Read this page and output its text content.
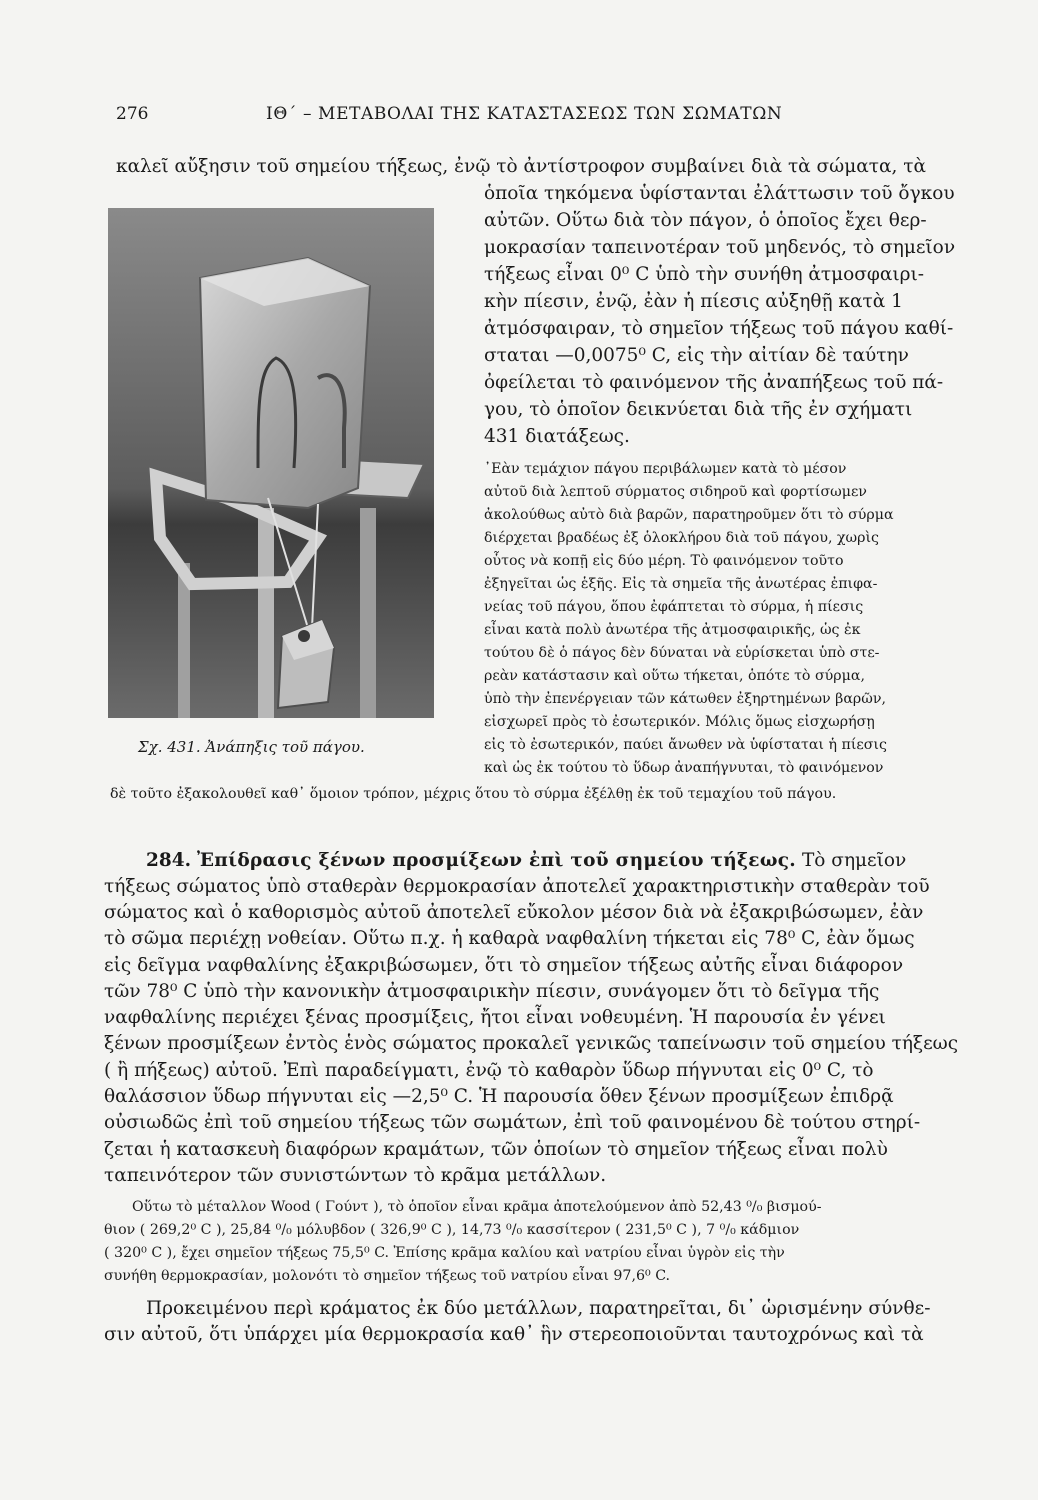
276	ΙΘ΄ – ΜΕΤΑΒΟΛΑΙ ΤΗΣ ΚΑΤΑΣΤΑΣΕΩΣ ΤΩΝ ΣΩΜΑΤΩΝ
καλεῖ αὔξησιν τοῦ σημείου τήξεως, ἐνῷ τὸ ἀντίστροφον συμβαίνει διὰ τὰ σώματα, τὰ
ὁποῖα τηκόμενα ὑφίστανται ἐλάττωσιν τοῦ ὄγκου
αὐτῶν. Οὕτω διὰ τὸν πάγον, ὁ ὁποῖος ἔχει θερ-
μοκρασίαν ταπεινοτέραν τοῦ μηδενός, τὸ σημεῖον
τήξεως εἶναι 0⁰ C ὑπὸ τὴν συνήθη ἀτμοσφαιρι-
κὴν πίεσιν, ἐνῷ, ἐὰν ἡ πίεσις αὐξηθῇ κατὰ 1
ἀτμόσφαιραν, τὸ σημεῖον τήξεως τοῦ πάγου καθί-
σταται —0,0075⁰ C, εἰς τὴν αἰτίαν δὲ ταύτην
ὀφείλεται τὸ φαινόμενον τῆς ἀναπήξεως τοῦ πά-
γου, τὸ ὁποῖον δεικνύεται διὰ τῆς ἐν σχήματι
431 διατάξεως.
Σχ. 431. Ἀνάπηξις τοῦ πάγου.
᾿Εὰν τεμάχιον πάγου περιβάλωμεν κατὰ τὸ μέσον
αὐτοῦ διὰ λεπτοῦ σύρματος σιδηροῦ καὶ φορτίσωμεν
ἀκολούθως αὐτὸ διὰ βαρῶν, παρατηροῦμεν ὅτι τὸ σύρμα
διέρχεται βραδέως ἐξ ὁλοκλήρου διὰ τοῦ πάγου, χωρὶς
οὗτος νὰ κοπῇ εἰς δύο μέρη. Τὸ φαινόμενον τοῦτο
ἐξηγεῖται ὡς ἑξῆς. Εἰς τὰ σημεῖα τῆς ἀνωτέρας ἐπιφα-
νείας τοῦ πάγου, ὅπου ἐφάπτεται τὸ σύρμα, ἡ πίεσις
εἶναι κατὰ πολὺ ἀνωτέρα τῆς ἀτμοσφαιρικῆς, ὡς ἐκ
τούτου δὲ ὁ πάγος δὲν δύναται νὰ εὑρίσκεται ὑπὸ στε-
ρεὰν κατάστασιν καὶ οὕτω τήκεται, ὁπότε τὸ σύρμα,
ὑπὸ τὴν ἐπενέργειαν τῶν κάτωθεν ἐξηρτημένων βαρῶν,
εἰσχωρεῖ πρὸς τὸ ἐσωτερικόν. Μόλις ὅμως εἰσχωρήσῃ
εἰς τὸ ἐσωτερικόν, παύει ἄνωθεν νὰ ὑφίσταται ἡ πίεσις
καὶ ὡς ἐκ τούτου τὸ ὕδωρ ἀναπήγνυται, τὸ φαινόμενον
δὲ τοῦτο ἐξακολουθεῖ καθ᾿ ὅμοιον τρόπον, μέχρις ὅτου τὸ σύρμα ἐξέλθῃ ἐκ τοῦ τεμαχίου τοῦ πάγου.
284. Ἐπίδρασις ξένων προσμίξεων ἐπὶ τοῦ σημείου τήξεως. Τὸ σημεῖον
τήξεως σώματος ὑπὸ σταθερὰν θερμοκρασίαν ἀποτελεῖ χαρακτηριστικὴν σταθερὰν τοῦ
σώματος καὶ ὁ καθορισμὸς αὐτοῦ ἀποτελεῖ εὔκολον μέσον διὰ νὰ ἐξακριβώσωμεν, ἐὰν
τὸ σῶμα περιέχῃ νοθείαν. Οὕτω π.χ. ἡ καθαρὰ ναφθαλίνη τήκεται εἰς 78⁰ C, ἐὰν ὅμως
εἰς δεῖγμα ναφθαλίνης ἐξακριβώσωμεν, ὅτι τὸ σημεῖον τήξεως αὐτῆς εἶναι διάφορον
τῶν 78⁰ C ὑπὸ τὴν κανονικὴν ἀτμοσφαιρικὴν πίεσιν, συνάγομεν ὅτι τὸ δεῖγμα τῆς
ναφθαλίνης περιέχει ξένας προσμίξεις, ἤτοι εἶναι νοθευμένη. Ἡ παρουσία ἐν γένει
ξένων προσμίξεων ἐντὸς ἑνὸς σώματος προκαλεῖ γενικῶς ταπείνωσιν τοῦ σημείου τήξεως
( ἢ πήξεως) αὐτοῦ. Ἐπὶ παραδείγματι, ἐνῷ τὸ καθαρὸν ὕδωρ πήγνυται εἰς 0⁰ C, τὸ
θαλάσσιον ὕδωρ πήγνυται εἰς —2,5⁰ C. Ἡ παρουσία ὅθεν ξένων προσμίξεων ἐπιδρᾷ
οὐσιωδῶς ἐπὶ τοῦ σημείου τήξεως τῶν σωμάτων, ἐπὶ τοῦ φαινομένου δὲ τούτου στηρί-
ζεται ἡ κατασκευὴ διαφόρων κραμάτων, τῶν ὁποίων τὸ σημεῖον τήξεως εἶναι πολὺ
ταπεινότερον τῶν συνιστώντων τὸ κρᾶμα μετάλλων.
Οὕτω τὸ μέταλλον Wood ( Γούντ ), τὸ ὁποῖον εἶναι κρᾶμα ἀποτελούμενον ἀπὸ 52,43 ⁰/₀ βισμού-
θιον ( 269,2⁰ C ), 25,84 ⁰/₀ μόλυβδον ( 326,9⁰ C ), 14,73 ⁰/₀ κασσίτερον ( 231,5⁰ C ), 7 ⁰/₀ κάδμιον
( 320⁰ C ), ἔχει σημεῖον τήξεως 75,5⁰ C. Ἐπίσης κρᾶμα καλίου καὶ νατρίου εἶναι ὑγρὸν εἰς τὴν
συνήθη θερμοκρασίαν, μολονότι τὸ σημεῖον τήξεως τοῦ νατρίου εἶναι 97,6⁰ C.
Προκειμένου περὶ κράματος ἐκ δύο μετάλλων, παρατηρεῖται, δι᾿ ὡρισμένην σύνθε-
σιν αὐτοῦ, ὅτι ὑπάρχει μία θερμοκρασία καθ᾿ ἣν στερεοποιοῦνται ταυτοχρόνως καὶ τὰ
